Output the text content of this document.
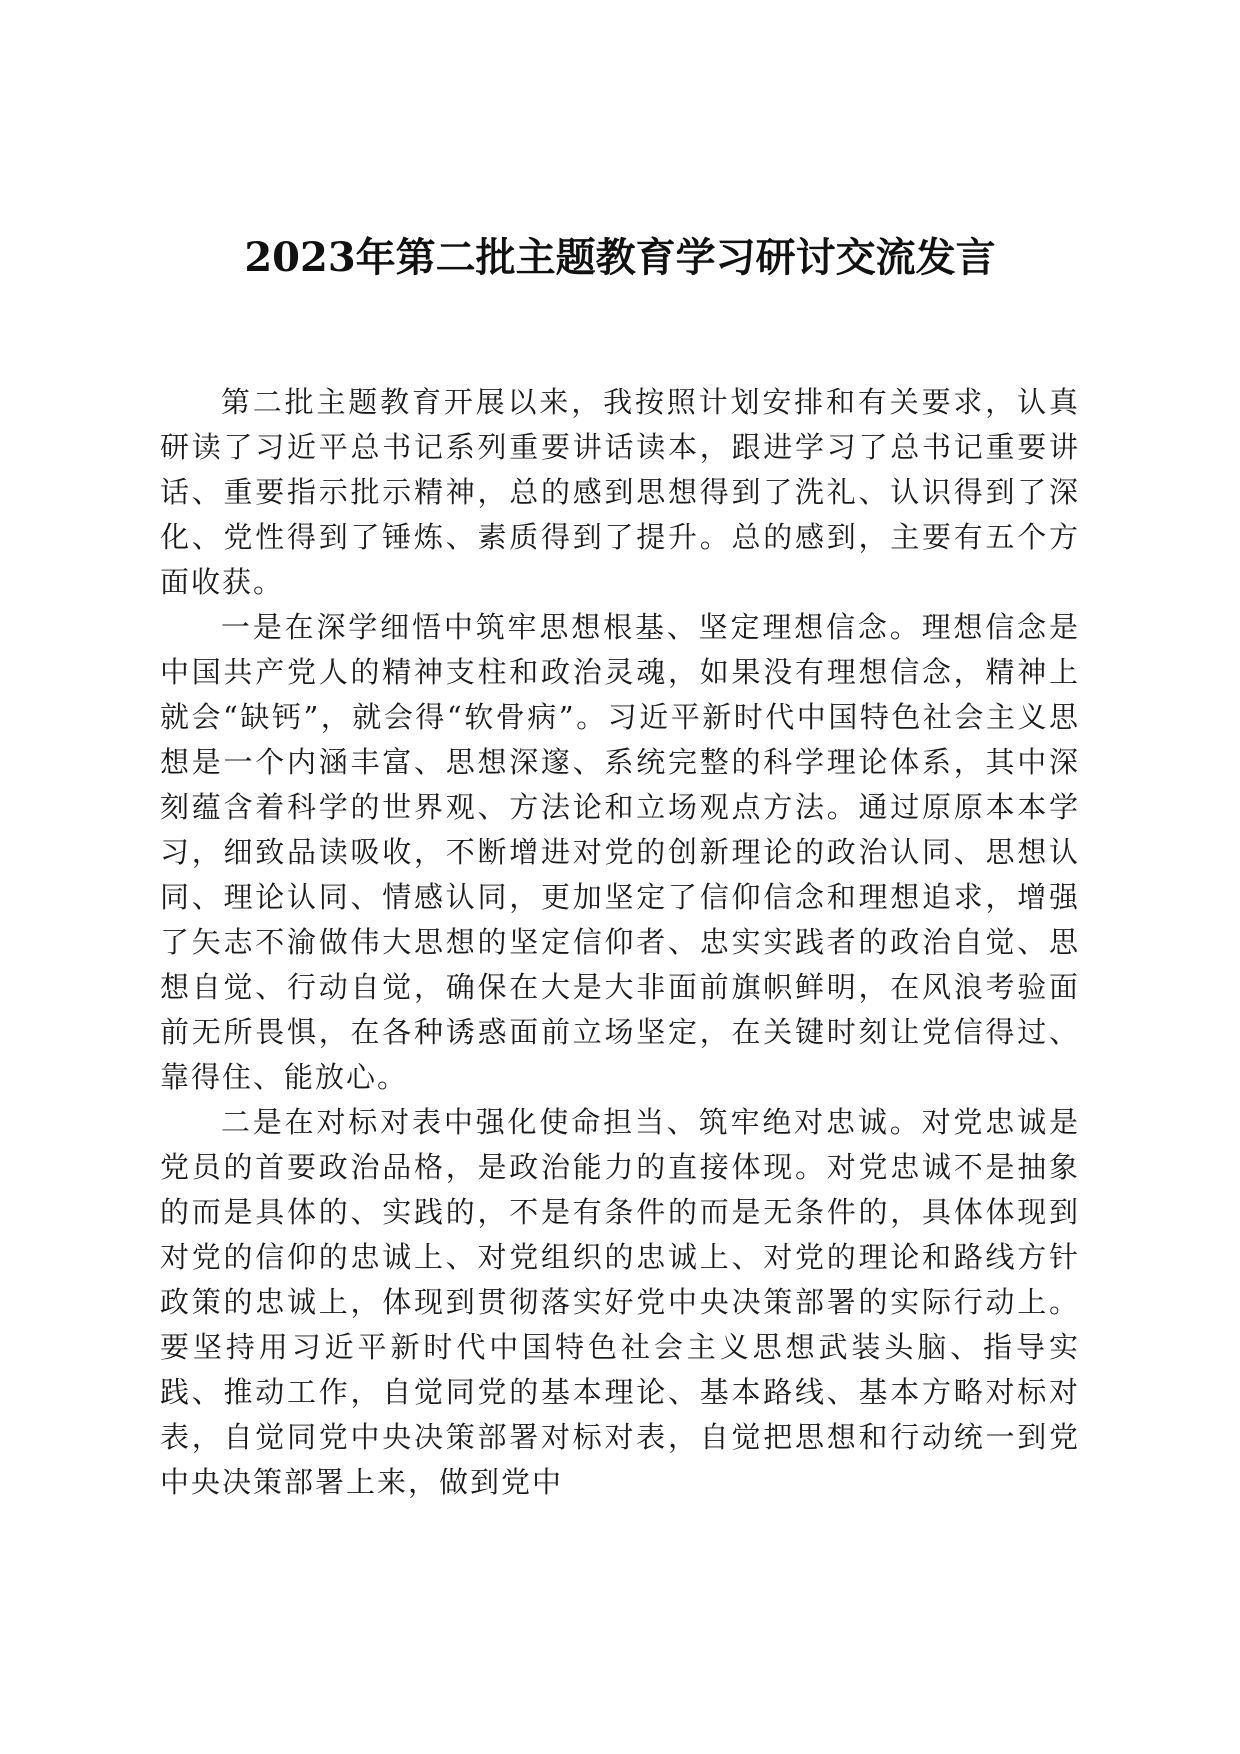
2023年第二批主题教育学习研讨交流发言

第二批主题教育开展以来，我按照计划安排和有关要求，认真研读了习近平总书记系列重要讲话读本，跟进学习了总书记重要讲话、重要指示批示精神，总的感到思想得到了洗礼、认识得到了深化、党性得到了锤炼、素质得到了提升。总的感到，主要有五个方面收获。

一是在深学细悟中筑牢思想根基、坚定理想信念。理想信念是中国共产党人的精神支柱和政治灵魂，如果没有理想信念，精神上就会“缺钙”，就会得“软骨病”。习近平新时代中国特色社会主义思想是一个内涵丰富、思想深邃、系统完整的科学理论体系，其中深刻蕴含着科学的世界观、方法论和立场观点方法。通过原原本本学习，细致品读吸收，不断增进对党的创新理论的政治认同、思想认同、理论认同、情感认同，更加坚定了信仰信念和理想追求，增强了矢志不渝做伟大思想的坚定信仰者、忠实实践者的政治自觉、思想自觉、行动自觉，确保在大是大非面前旗帜鲜明，在风浪考验面前无所畏惧，在各种诱惑面前立场坚定，在关键时刻让党信得过、靠得住、能放心。

二是在对标对表中强化使命担当、筑牢绝对忠诚。对党忠诚是党员的首要政治品格，是政治能力的直接体现。对党忠诚不是抽象的而是具体的、实践的，不是有条件的而是无条件的，具体体现到对党的信仰的忠诚上、对党组织的忠诚上、对党的理论和路线方针政策的忠诚上，体现到贯彻落实好党中央决策部署的实际行动上。要坚持用习近平新时代中国特色社会主义思想武装头脑、指导实践、推动工作，自觉同党的基本理论、基本路线、基本方略对标对表，自觉同党中央决策部署对标对表，自觉把思想和行动统一到党中央决策部署上来，做到党中
